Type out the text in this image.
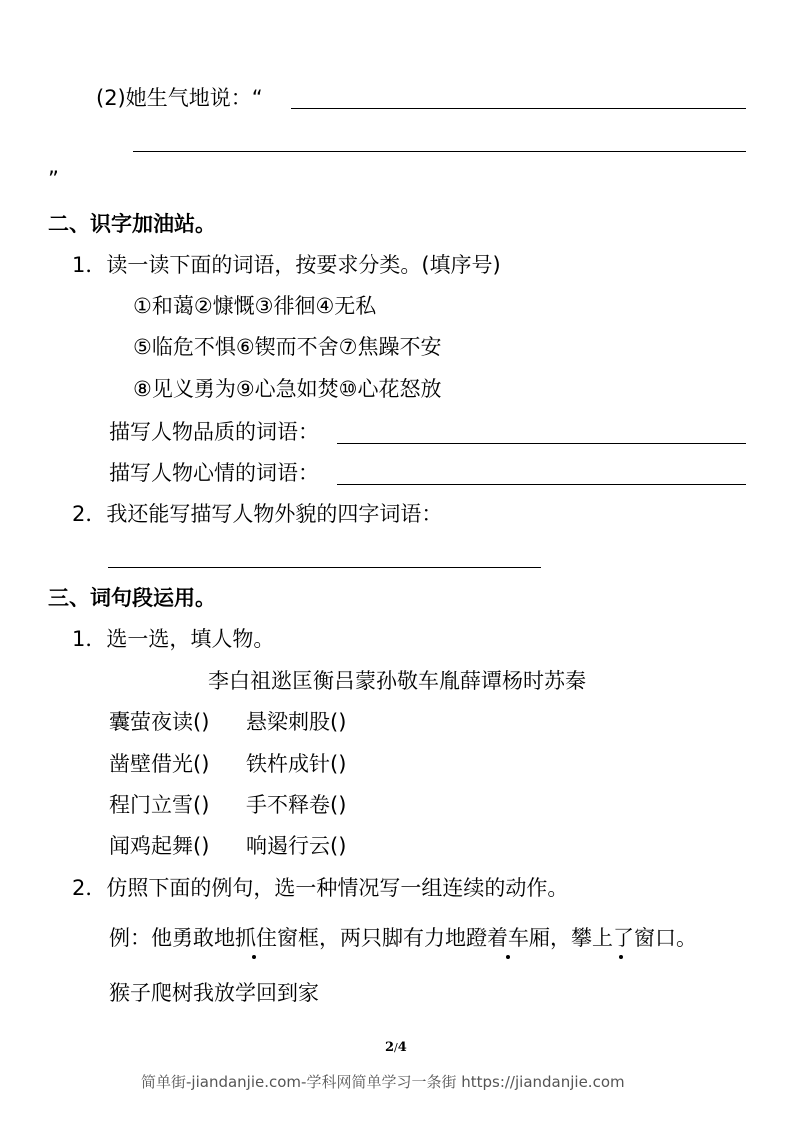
(2)她生气地说：“
”
二、识字加油站。
1．读一读下面的词语，按要求分类。(填序号)
①和蔼②慷慨③徘徊④无私
⑤临危不惧⑥锲而不舍⑦焦躁不安
⑧见义勇为⑨心急如焚⑩心花怒放
描写人物品质的词语：
描写人物心情的词语：
2．我还能写描写人物外貌的四字词语：
三、词句段运用。
1．选一选，填人物。
李白祖逖匡衡吕蒙孙敬车胤薛谭杨时苏秦
囊萤夜读() 悬梁刺股()
凿壁借光() 铁杵成针()
程门立雪() 手不释卷()
闻鸡起舞() 响遏行云()
2．仿照下面的例句，选一种情况写一组连续的动作。
例：他勇敢地抓住窗框，两只脚有力地蹬着车厢，攀上了窗口。
猴子爬树我放学回到家
2/4
简单街-jiandanjie.com-学科网简单学习一条街 https://jiandanjie.com
